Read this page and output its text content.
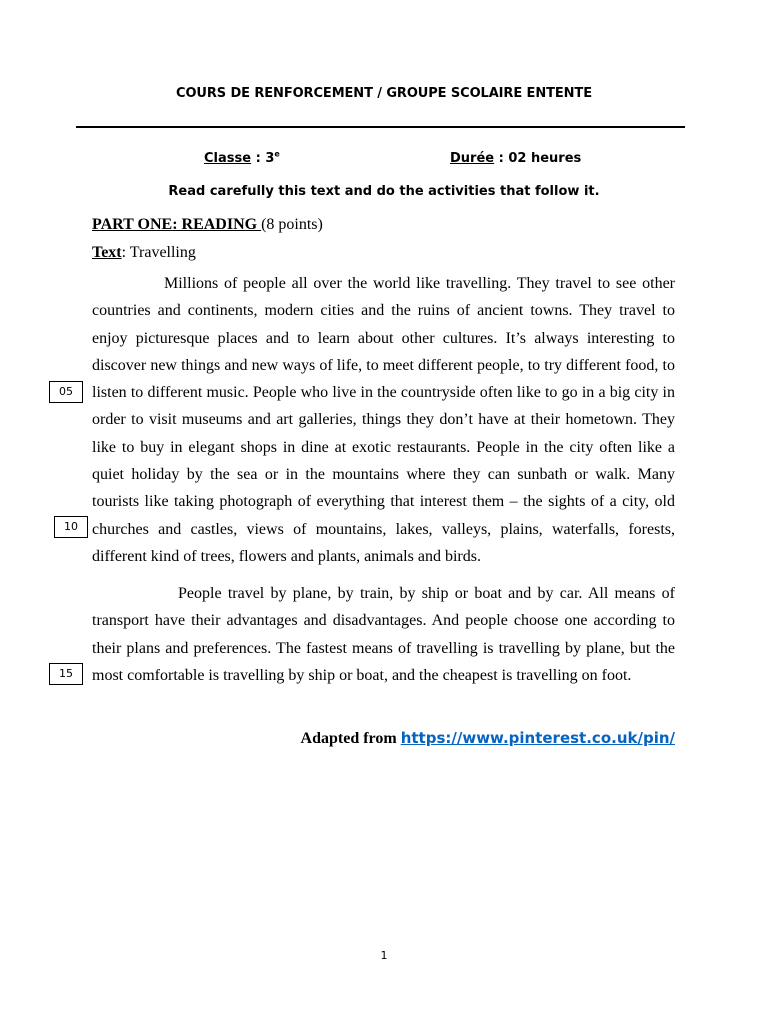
COURS DE RENFORCEMENT / GROUPE SCOLAIRE ENTENTE
Classe : 3e	Durée : 02 heures
Read carefully this text and do the activities that follow it.
PART ONE: READING (8 points)
Text: Travelling

Millions of people all over the world like travelling. They travel to see other countries and continents, modern cities and the ruins of ancient towns. They travel to enjoy picturesque places and to learn about other cultures. It’s always interesting to discover new things and new ways of life, to meet different people, to try different food, to listen to different music. People who live in the countryside often like to go in a big city in order to visit museums and art galleries, things they don’t have at their hometown. They like to buy in elegant shops in dine at exotic restaurants. People in the city often like a quiet holiday by the sea or in the mountains where they can sunbath or walk. Many tourists like taking photograph of everything that interest them – the sights of a city, old churches and castles, views of mountains, lakes, valleys, plains, waterfalls, forests, different kind of trees, flowers and plants, animals and birds.

People travel by plane, by train, by ship or boat and by car. All means of transport have their advantages and disadvantages. And people choose one according to their plans and preferences. The fastest means of travelling is travelling by plane, but the most comfortable is travelling by ship or boat, and the cheapest is travelling on foot.

05
10
15
Adapted from https://www.pinterest.co.uk/pin/
1
